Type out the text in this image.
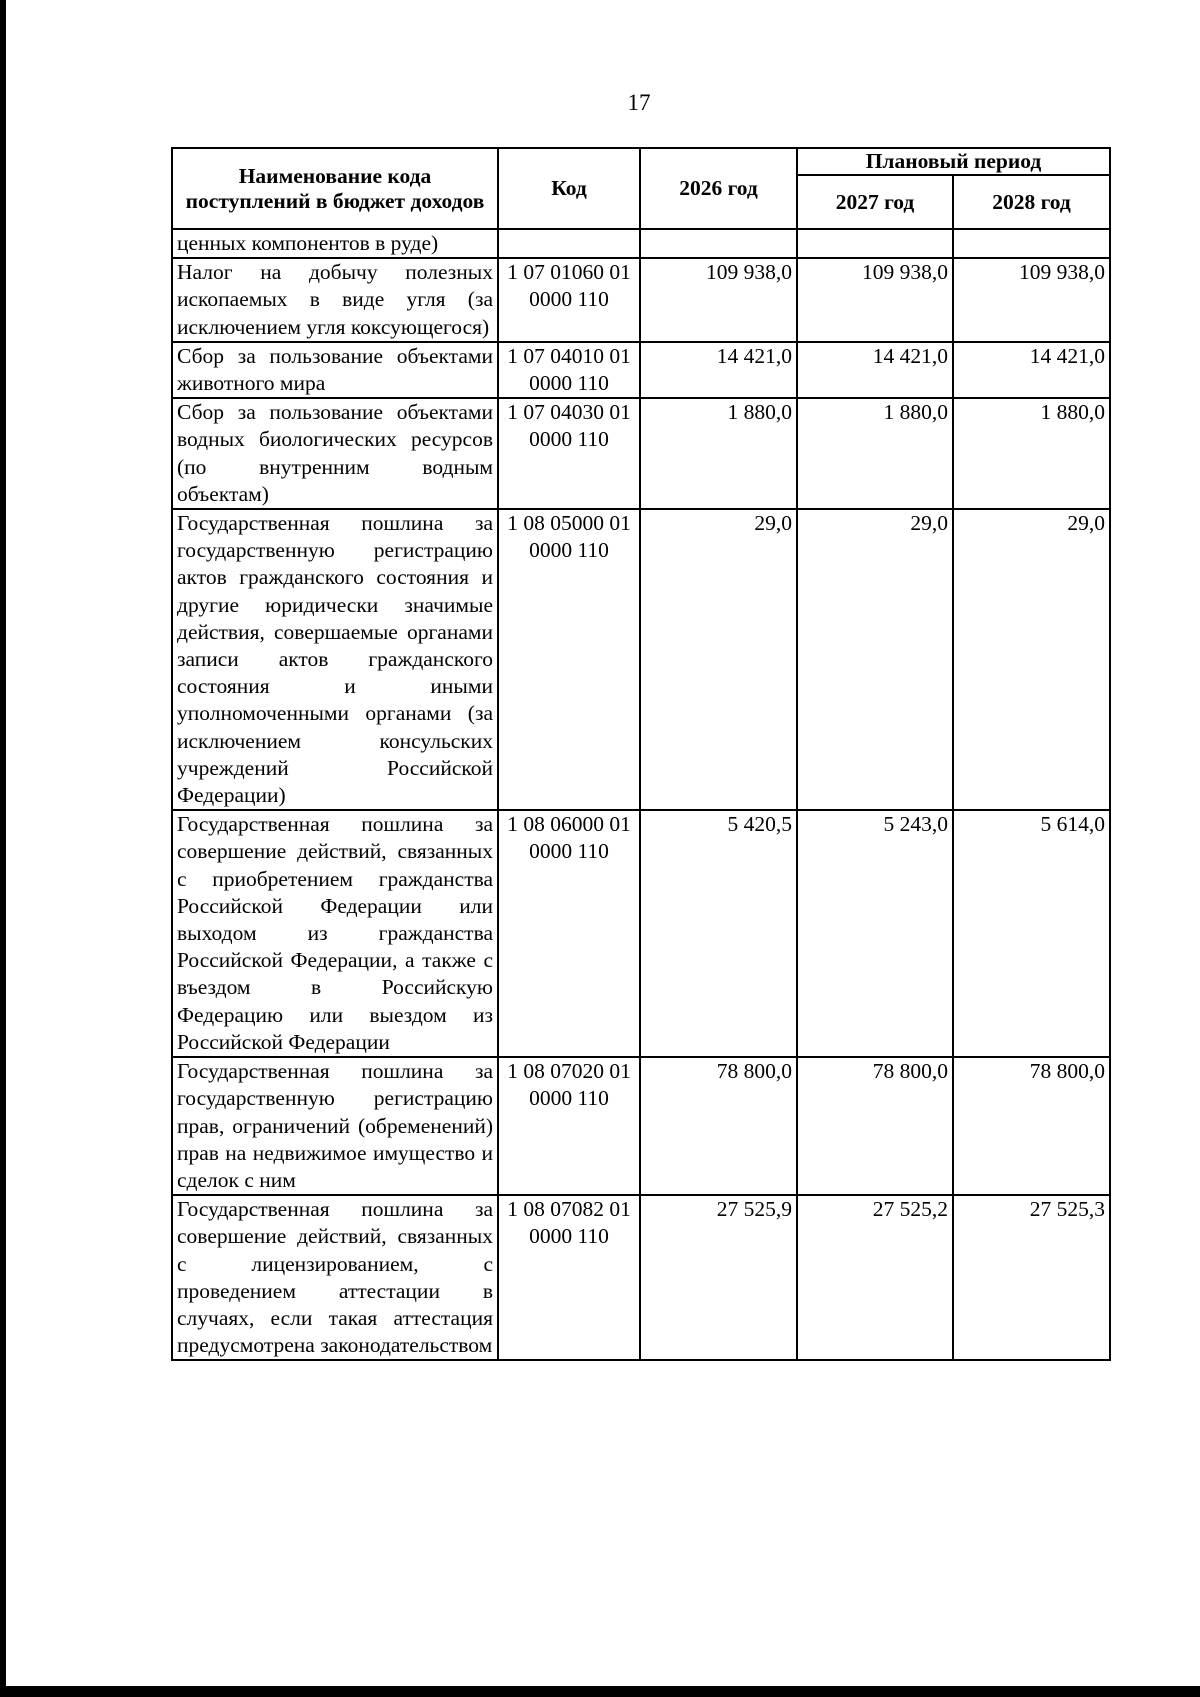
17
Наименование кода поступлений в бюджет доходов	Код	2026 год	Плановый период	
			2027 год	2028 год
ценных компонентов в руде)				
Налог на добычу полезных ископаемых в виде угля (за исключением угля коксующегося)	1 07 01060 01 0000 110	109 938,0	109 938,0	109 938,0
Сбор за пользование объектами животного мира	1 07 04010 01 0000 110	14 421,0	14 421,0	14 421,0
Сбор за пользование объектами водных биологических ресурсов (по внутренним водным объектам)	1 07 04030 01 0000 110	1 880,0	1 880,0	1 880,0
Государственная пошлина за государственную регистрацию актов гражданского состояния и другие юридически значимые действия, совершаемые органами записи актов гражданского состояния и иными уполномоченными органами (за исключением консульских учреждений Российской Федерации)	1 08 05000 01 0000 110	29,0	29,0	29,0
Государственная пошлина за совершение действий, связанных с приобретением гражданства Российской Федерации или выходом из гражданства Российской Федерации, а также с въездом в Российскую Федерацию или выездом из Российской Федерации	1 08 06000 01 0000 110	5 420,5	5 243,0	5 614,0
Государственная пошлина за государственную регистрацию прав, ограничений (обременений) прав на недвижимое имущество и сделок с ним	1 08 07020 01 0000 110	78 800,0	78 800,0	78 800,0
Государственная пошлина за совершение действий, связанных с лицензированием, с проведением аттестации в случаях, если такая аттестация предусмотрена законодательством	1 08 07082 01 0000 110	27 525,9	27 525,2	27 525,3
